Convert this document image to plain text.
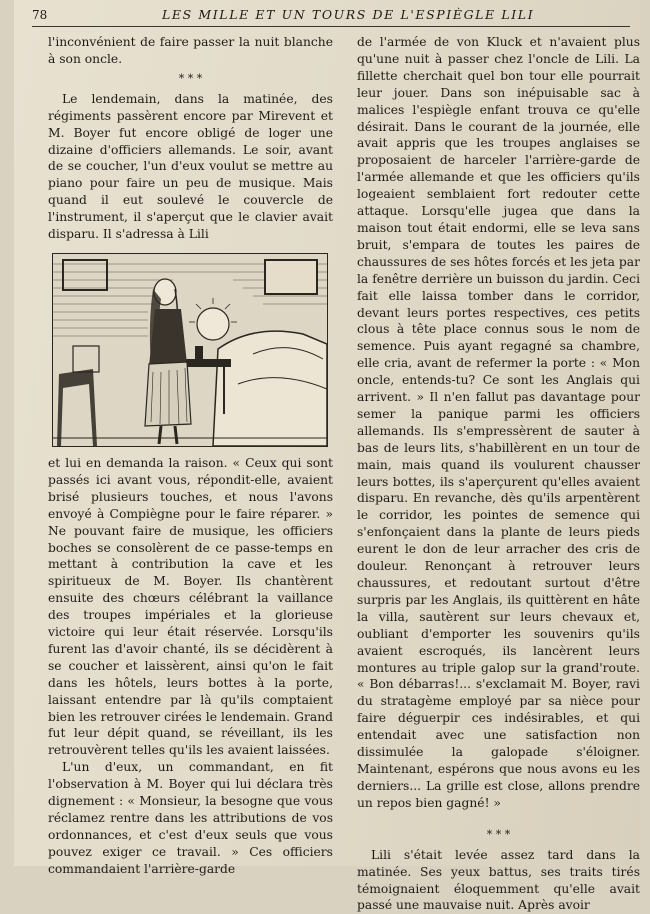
78	LES MILLE ET UN TOURS DE L'ESPIÈGLE LILI

l'inconvénient de faire passer la nuit blanche à son oncle.

* * *

Le lendemain, dans la matinée, des régiments passèrent encore par Mirevent et M. Boyer fut encore obligé de loger une dizaine d'officiers allemands. Le soir, avant de se coucher, l'un d'eux voulut se mettre au piano pour faire un peu de musique. Mais quand il eut soulevé le couvercle de l'instrument, il s'aperçut que le clavier avait disparu. Il s'adressa à Lili

et lui en demanda la raison. « Ceux qui sont passés ici avant vous, répondit-elle, avaient brisé plusieurs touches, et nous l'avons envoyé à Compiègne pour le faire réparer. » Ne pouvant faire de musique, les officiers boches se consolèrent de ce passe-temps en mettant à contribution la cave et les spiritueux de M. Boyer. Ils chantèrent ensuite des chœurs célébrant la vaillance des troupes impériales et la glorieuse victoire qui leur était réservée. Lorsqu'ils furent las d'avoir chanté, ils se décidèrent à se coucher et laissèrent, ainsi qu'on le fait dans les hôtels, leurs bottes à la porte, laissant entendre par là qu'ils comptaient bien les retrouver cirées le lendemain. Grand fut leur dépit quand, se réveillant, ils les retrouvèrent telles qu'ils les avaient laissées.

L'un d'eux, un commandant, en fit l'observation à M. Boyer qui lui déclara très dignement : « Monsieur, la besogne que vous réclamez rentre dans les attributions de vos ordonnances, et c'est d'eux seuls que vous pouvez exiger ce travail. » Ces officiers commandaient l'arrière-garde

de l'armée de von Kluck et n'avaient plus qu'une nuit à passer chez l'oncle de Lili. La fillette cherchait quel bon tour elle pourrait leur jouer. Dans son inépuisable sac à malices l'espiègle enfant trouva ce qu'elle désirait. Dans le courant de la journée, elle avait appris que les troupes anglaises se proposaient de harceler l'arrière-garde de l'armée allemande et que les officiers qu'ils logeaient semblaient fort redouter cette attaque. Lorsqu'elle jugea que dans la maison tout était endormi, elle se leva sans bruit, s'empara de toutes les paires de chaussures de ses hôtes forcés et les jeta par la fenêtre derrière un buisson du jardin. Ceci fait elle laissa tomber dans le corridor, devant leurs portes respectives, ces petits clous à tête place connus sous le nom de semence. Puis ayant regagné sa chambre, elle cria, avant de refermer la porte : « Mon oncle, entends-tu? Ce sont les Anglais qui arrivent. » Il n'en fallut pas davantage pour semer la panique parmi les officiers allemands. Ils s'empressèrent de sauter à bas de leurs lits, s'habillèrent en un tour de main, mais quand ils voulurent chausser leurs bottes, ils s'aperçurent qu'elles avaient disparu. En revanche, dès qu'ils arpentèrent le corridor, les pointes de semence qui s'enfonçaient dans la plante de leurs pieds eurent le don de leur arracher des cris de douleur. Renonçant à retrouver leurs chaussures, et redoutant surtout d'être surpris par les Anglais, ils quittèrent en hâte la villa, sautèrent sur leurs chevaux et, oubliant d'emporter les souvenirs qu'ils avaient escroqués, ils lancèrent leurs montures au triple galop sur la grand'route. « Bon débarras!... s'exclamait M. Boyer, ravi du stratagème employé par sa nièce pour faire déguerpir ces indésirables, et qui entendait avec une satisfaction non dissimulée la galopade s'éloigner. Maintenant, espérons que nous avons eu les derniers... La grille est close, allons prendre un repos bien gagné! »

* * *

Lili s'était levée assez tard dans la matinée. Ses yeux battus, ses traits tirés témoignaient éloquemment qu'elle avait passé une mauvaise nuit. Après avoir
